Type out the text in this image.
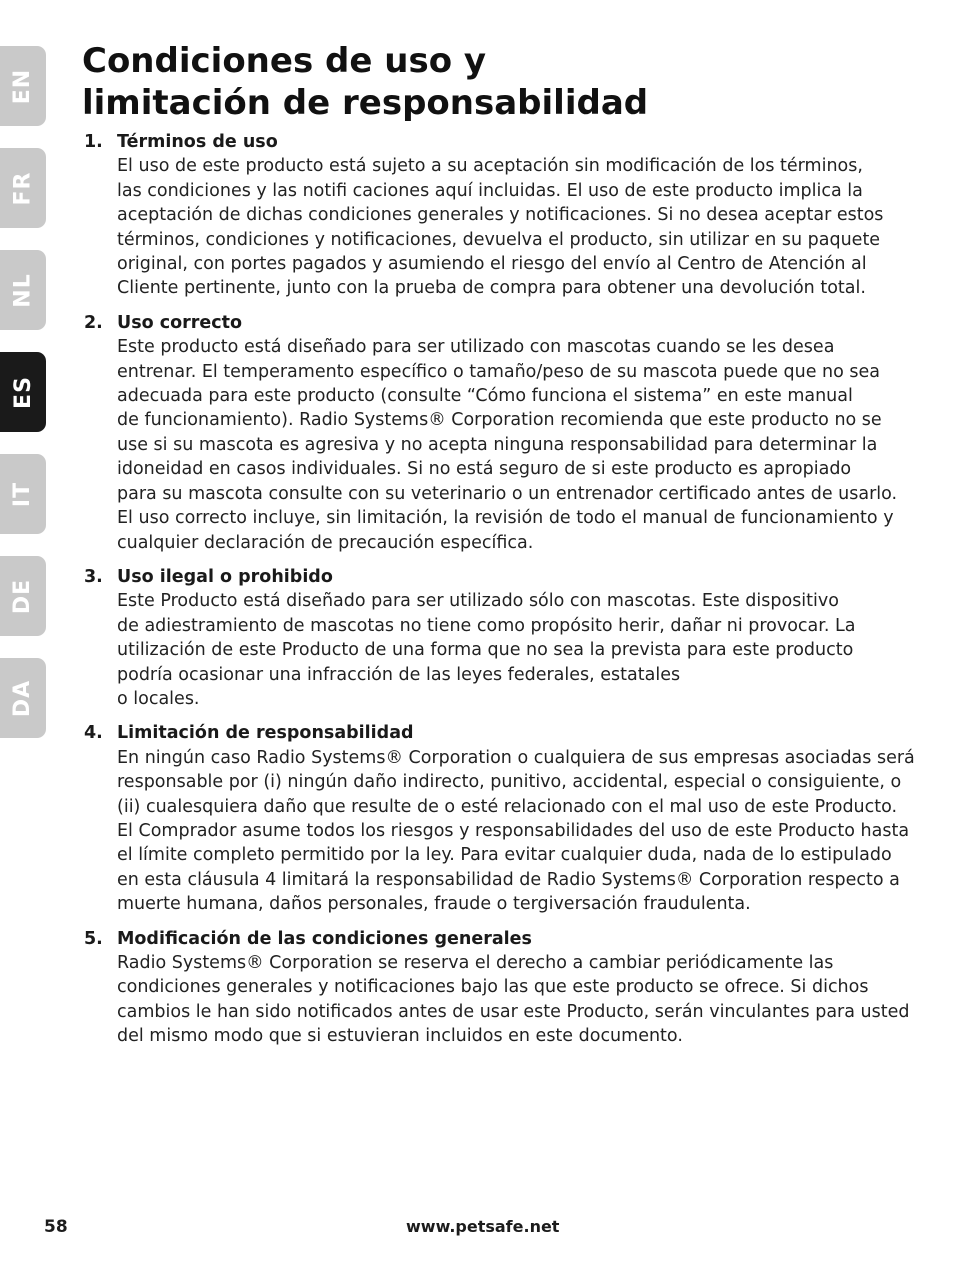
EN
FR
NL
ES
IT
DE
DA
Condiciones de uso y
limitación de responsabilidad
1. Términos de uso

El uso de este producto está sujeto a su aceptación sin modificación de los términos,

las condiciones y las notifi caciones aquí incluidas. El uso de este producto implica la

aceptación de dichas condiciones generales y notificaciones. Si no desea aceptar estos

términos, condiciones y notificaciones, devuelva el producto, sin utilizar en su paquete

original, con portes pagados y asumiendo el riesgo del envío al Centro de Atención al

Cliente pertinente, junto con la prueba de compra para obtener una devolución total.

2. Uso correcto

Este producto está diseñado para ser utilizado con mascotas cuando se les desea

entrenar. El temperamento específico o tamaño/peso de su mascota puede que no sea

adecuada para este producto (consulte “Cómo funciona el sistema” en este manual

de funcionamiento). Radio Systems® Corporation recomienda que este producto no se

use si su mascota es agresiva y no acepta ninguna responsabilidad para determinar la

idoneidad en casos individuales. Si no está seguro de si este producto es apropiado

para su mascota consulte con su veterinario o un entrenador certificado antes de usarlo.

El uso correcto incluye, sin limitación, la revisión de todo el manual de funcionamiento y

cualquier declaración de precaución específica.

3. Uso ilegal o prohibido

Este Producto está diseñado para ser utilizado sólo con mascotas. Este dispositivo

de adiestramiento de mascotas no tiene como propósito herir, dañar ni provocar. La

utilización de este Producto de una forma que no sea la prevista para este producto

podría ocasionar una infracción de las leyes federales, estatales

o locales.

4. Limitación de responsabilidad

En ningún caso Radio Systems® Corporation o cualquiera de sus empresas asociadas será

responsable por (i) ningún daño indirecto, punitivo, accidental, especial o consiguiente, o

(ii) cualesquiera daño que resulte de o esté relacionado con el mal uso de este Producto.

El Comprador asume todos los riesgos y responsabilidades del uso de este Producto hasta

el límite completo permitido por la ley. Para evitar cualquier duda, nada de lo estipulado

en esta cláusula 4 limitará la responsabilidad de Radio Systems® Corporation respecto a

muerte humana, daños personales, fraude o tergiversación fraudulenta.

5. Modificación de las condiciones generales

Radio Systems® Corporation se reserva el derecho a cambiar periódicamente las

condiciones generales y notificaciones bajo las que este producto se ofrece. Si dichos

cambios le han sido notificados antes de usar este Producto, serán vinculantes para usted

del mismo modo que si estuvieran incluidos en este documento.

58	www.petsafe.net
